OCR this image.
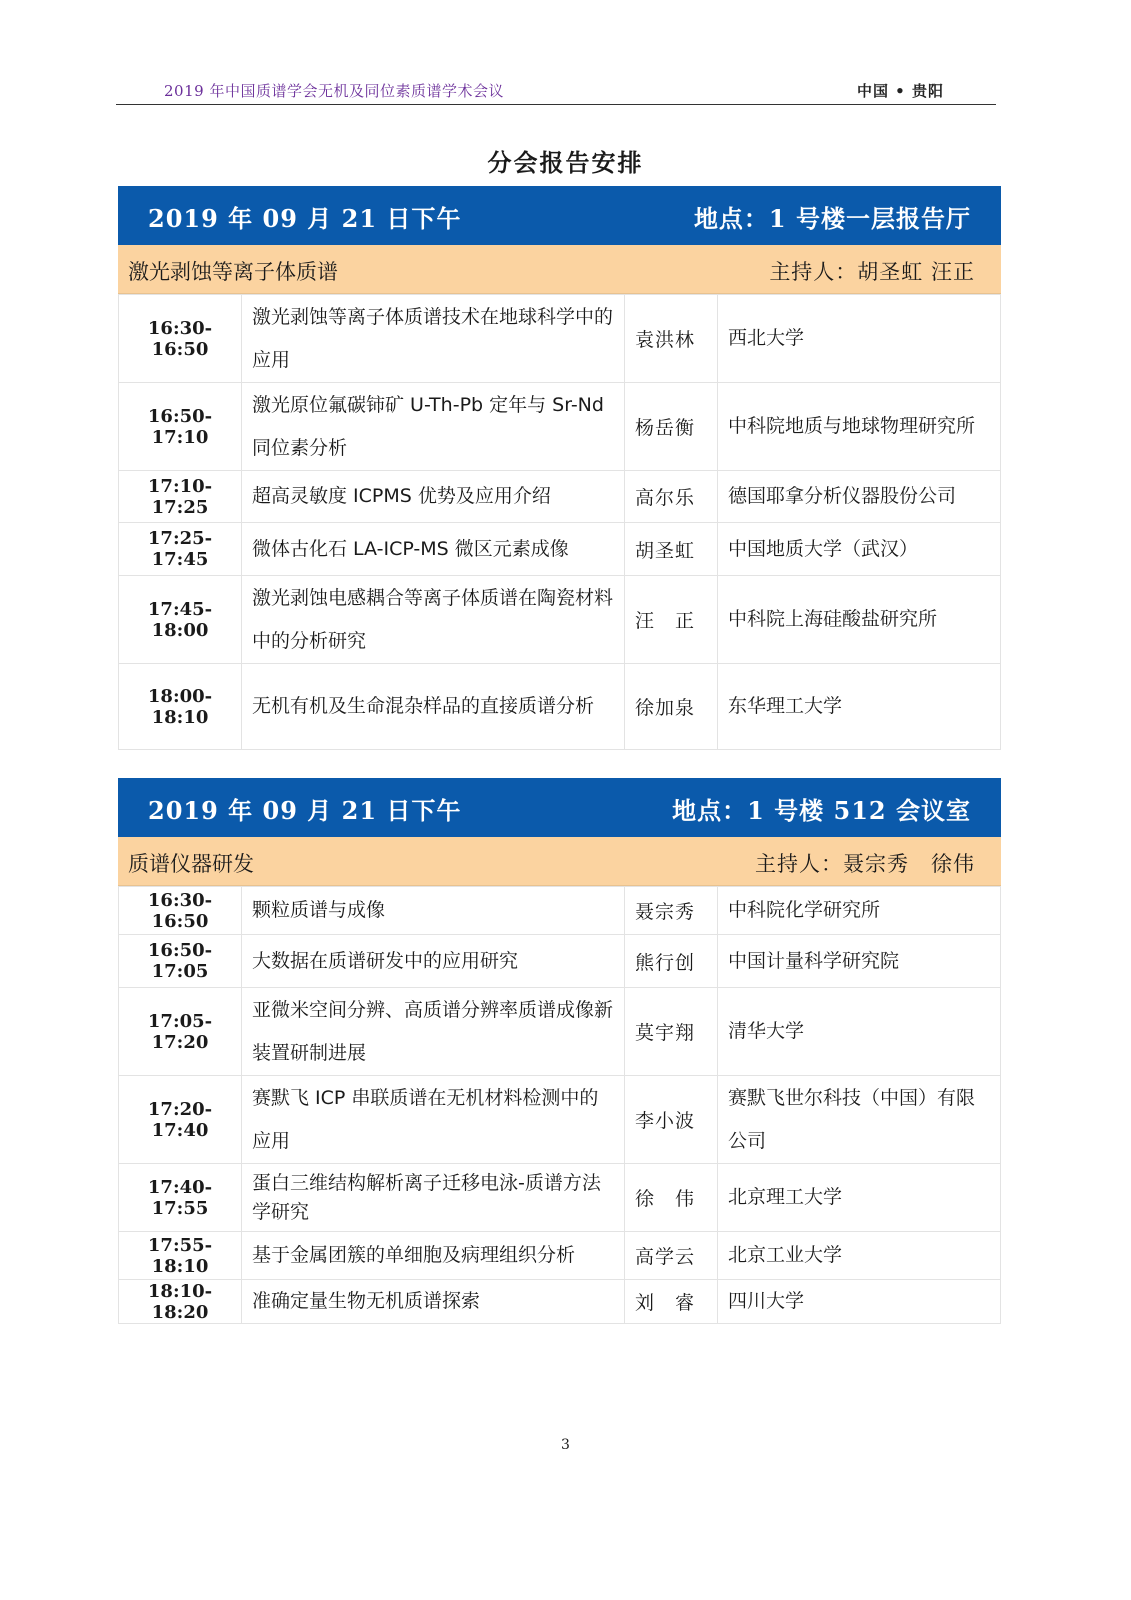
2019 年中国质谱学会无机及同位素质谱学术会议	中国 • 贵阳
分会报告安排
2019 年 09 月 21 日下午	地点：1 号楼一层报告厅
激光剥蚀等离子体质谱	主持人：胡圣虹 汪正
16:30-16:50	激光剥蚀等离子体质谱技术在地球科学中的应用	袁洪林	西北大学
16:50-17:10	激光原位氟碳铈矿 U-Th-Pb 定年与 Sr-Nd 同位素分析	杨岳衡	中科院地质与地球物理研究所
17:10-17:25	超高灵敏度 ICPMS 优势及应用介绍	高尔乐	德国耶拿分析仪器股份公司
17:25-17:45	微体古化石 LA-ICP-MS 微区元素成像	胡圣虹	中国地质大学（武汉）
17:45-18:00	激光剥蚀电感耦合等离子体质谱在陶瓷材料中的分析研究	汪　正	中科院上海硅酸盐研究所
18:00-18:10	无机有机及生命混杂样品的直接质谱分析	徐加泉	东华理工大学
2019 年 09 月 21 日下午	地点：1 号楼 512 会议室
质谱仪器研发	主持人：聂宗秀　徐伟
16:30-16:50	颗粒质谱与成像	聂宗秀	中科院化学研究所
16:50-17:05	大数据在质谱研发中的应用研究	熊行创	中国计量科学研究院
17:05-17:20	亚微米空间分辨、高质谱分辨率质谱成像新装置研制进展	莫宇翔	清华大学
17:20-17:40	赛默飞 ICP 串联质谱在无机材料检测中的应用	李小波	赛默飞世尔科技（中国）有限公司
17:40-17:55	蛋白三维结构解析离子迁移电泳-质谱方法学研究	徐　伟	北京理工大学
17:55-18:10	基于金属团簇的单细胞及病理组织分析	高学云	北京工业大学
18:10-18:20	准确定量生物无机质谱探索	刘　睿	四川大学
3
